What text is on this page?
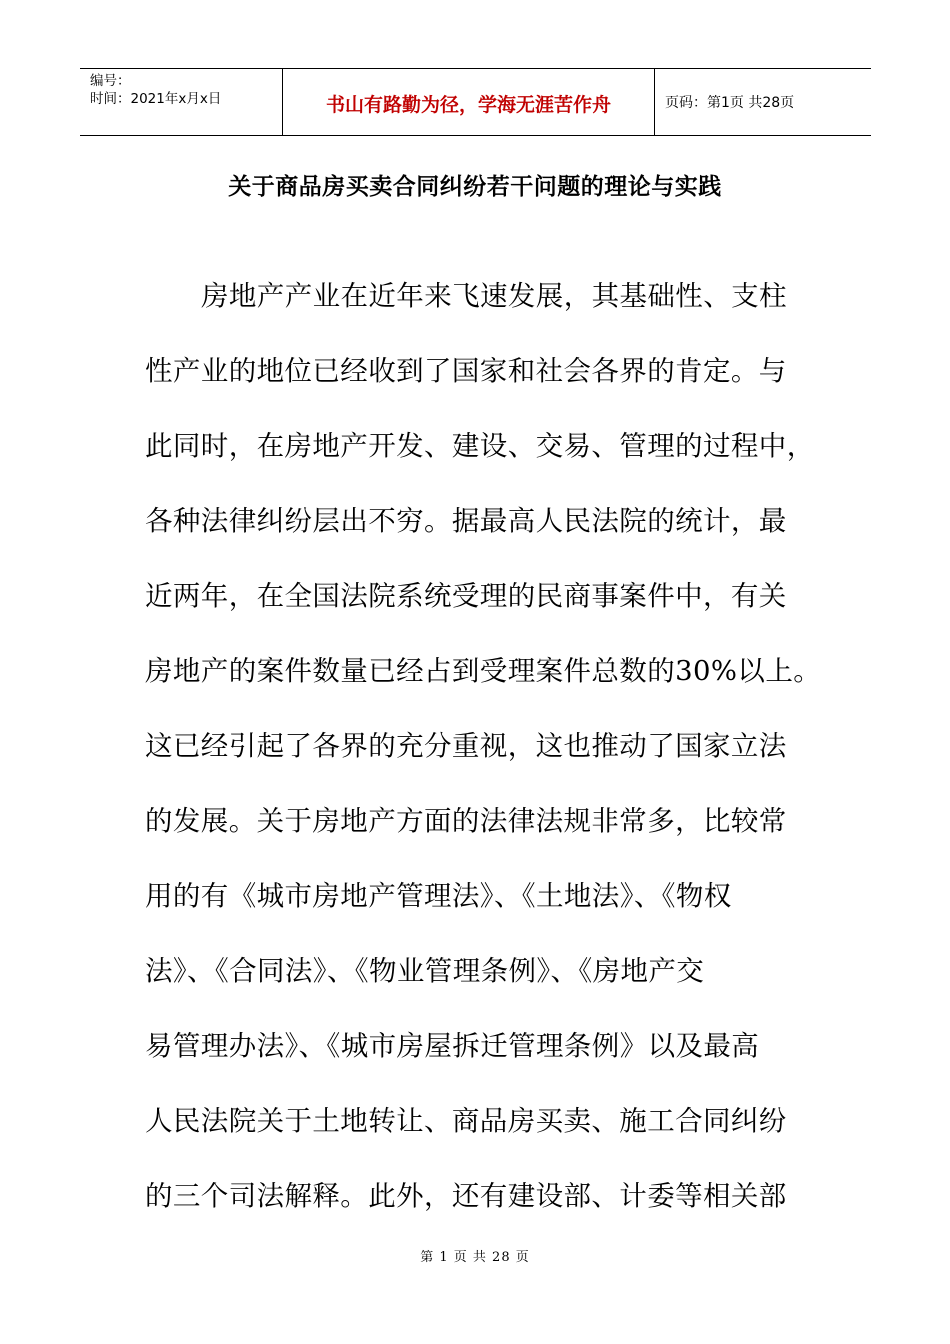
编号：
时间：2021年x月x日	书山有路勤为径，学海无涯苦作舟	页码：第1页 共28页
关于商品房买卖合同纠纷若干问题的理论与实践
房地产产业在近年来飞速发展，其基础性、支柱
性产业的地位已经收到了国家和社会各界的肯定。与
此同时，在房地产开发、建设、交易、管理的过程中，
各种法律纠纷层出不穷。据最高人民法院的统计，最
近两年，在全国法院系统受理的民商事案件中，有关
房地产的案件数量已经占到受理案件总数的30%以上。
这已经引起了各界的充分重视，这也推动了国家立法
的发展。关于房地产方面的法律法规非常多，比较常
用的有《城市房地产管理法》、《土地法》、《物权
法》、《合同法》、《物业管理条例》、《房地产交
易管理办法》、《城市房屋拆迁管理条例》以及最高
人民法院关于土地转让、商品房买卖、施工合同纠纷
的三个司法解释。此外，还有建设部、计委等相关部
第 1 页 共 28 页
